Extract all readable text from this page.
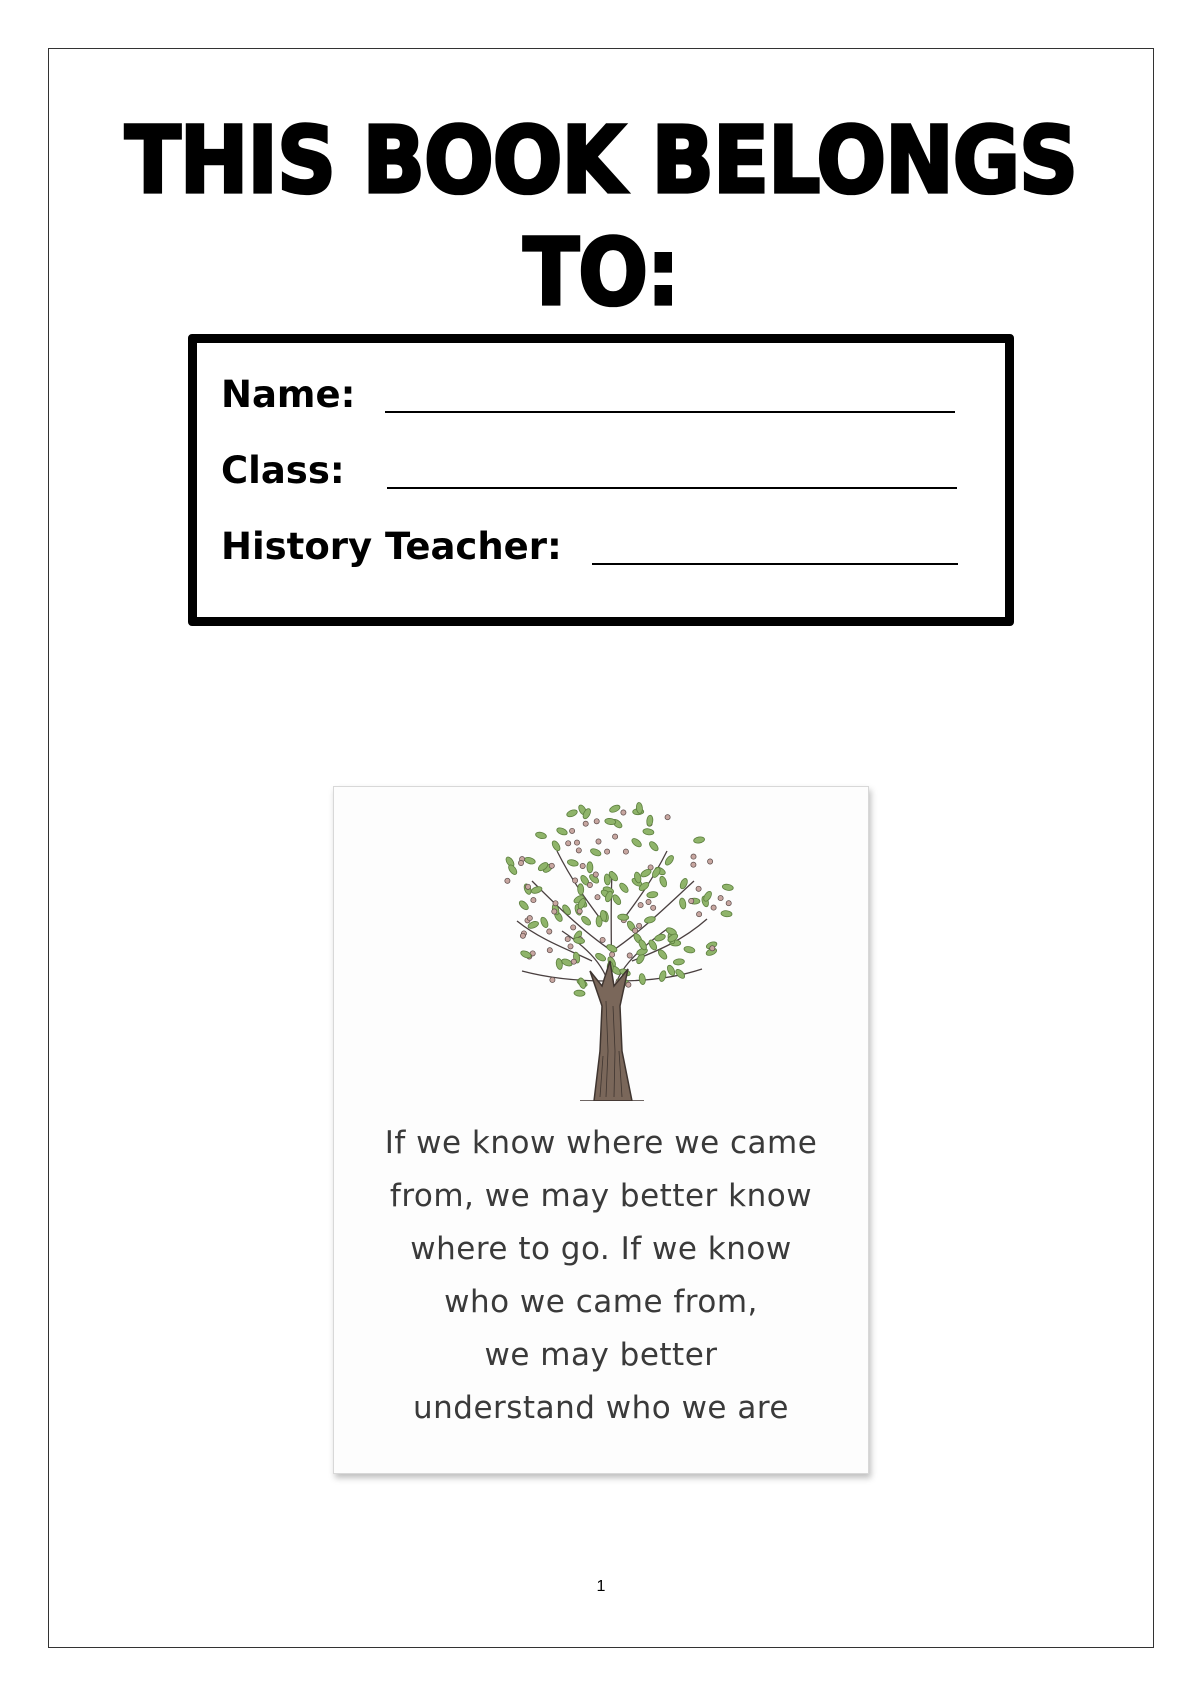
THIS BOOK BELONGS TO:
Name:
Class:
History Teacher:
If we know where we came
from, we may better know
where to go. If we know
who we came from,
we may better
understand who we are
1
